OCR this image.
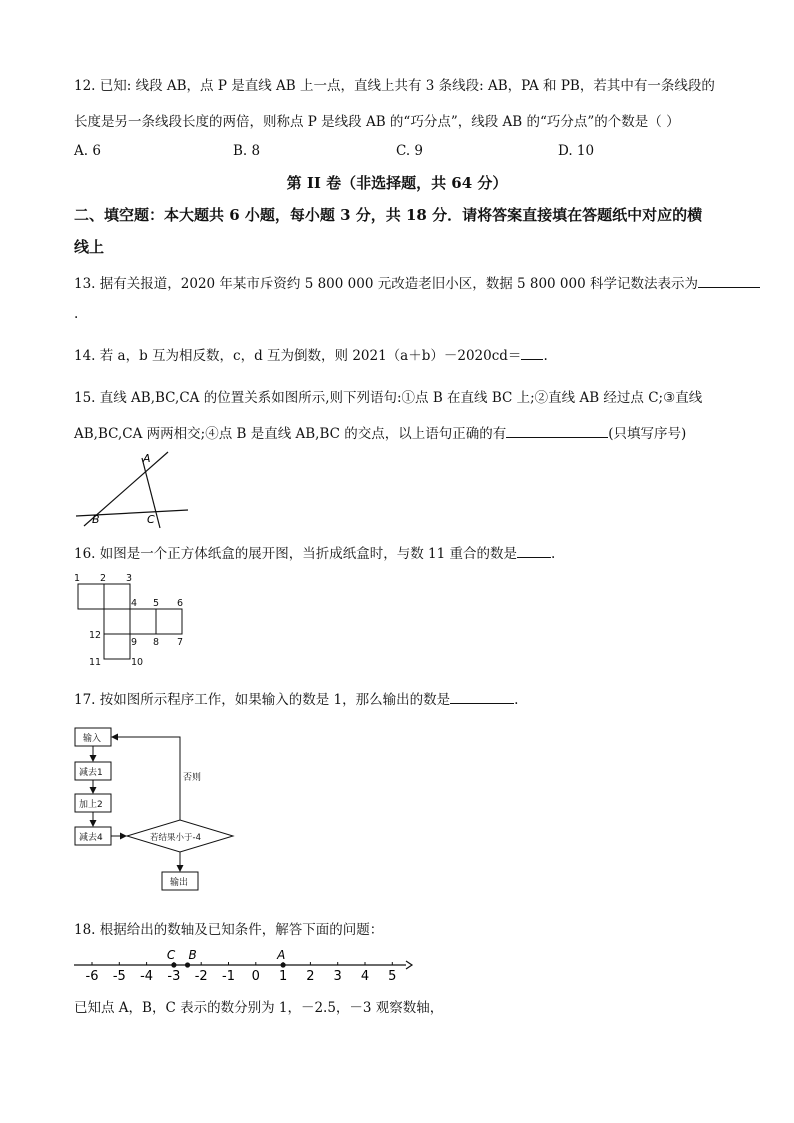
12. 已知: 线段 AB，点 P 是直线 AB 上一点，直线上共有 3 条线段: AB，PA 和 PB，若其中有一条线段的
长度是另一条线段长度的两倍，则称点 P 是线段 AB 的“巧分点”，线段 AB 的“巧分点”的个数是（ ）
A. 6	B. 8	C. 9	D. 10
第 II 卷（非选择题，共 64 分）
二、填空题：本大题共 6 小题，每小题 3 分，共 18 分．请将答案直接填在答题纸中对应的横
线上
13. 据有关报道，2020 年某市斥资约 5 800 000 元改造老旧小区，数据 5 800 000 科学记数法表示为
.
14. 若 a，b 互为相反数，c，d 互为倒数，则 2021（a＋b）－2020cd＝ .
15. 直线 AB,BC,CA 的位置关系如图所示,则下列语句:①点 B 在直线 BC 上;②直线 AB 经过点 C;③直线
AB,BC,CA 两两相交;④点 B 是直线 AB,BC 的交点，以上语句正确的有	(只填写序号)
A
B	C
16. 如图是一个正方体纸盒的展开图，当折成纸盒时，与数 11 重合的数是	.
1 2 3
4 5 6
12
9 8 7
11	10
17. 按如图所示程序工作，如果输入的数是 1，那么输出的数是	.
输入
减去1
加上2
减去4	若结果小于-4
否则
输出
18. 根据给出的数轴及已知条件，解答下面的问题：
-6 -5 -4 -3 -2 -1 0 1 2 3 4 5
C B	A
已知点 A，B，C 表示的数分别为 1，－2.5，－3 观察数轴，
